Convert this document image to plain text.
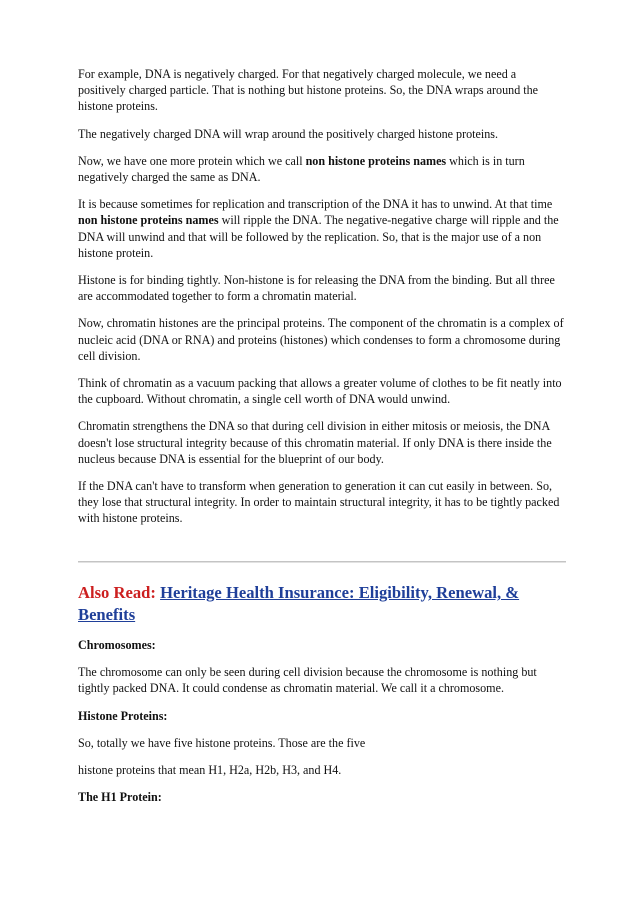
For example, DNA is negatively charged. For that negatively charged molecule, we need a positively charged particle. That is nothing but histone proteins. So, the DNA wraps around the histone proteins.

The negatively charged DNA will wrap around the positively charged histone proteins.

Now, we have one more protein which we call non histone proteins names which is in turn negatively charged the same as DNA.

It is because sometimes for replication and transcription of the DNA it has to unwind. At that time non histone proteins names will ripple the DNA. The negative-negative charge will ripple and the DNA will unwind and that will be followed by the replication. So, that is the major use of a non histone protein.

Histone is for binding tightly. Non-histone is for releasing the DNA from the binding. But all three are accommodated together to form a chromatin material.

Now, chromatin histones are the principal proteins. The component of the chromatin is a complex of nucleic acid (DNA or RNA) and proteins (histones) which condenses to form a chromosome during cell division.

Think of chromatin as a vacuum packing that allows a greater volume of clothes to be fit neatly into the cupboard. Without chromatin, a single cell worth of DNA would unwind.

Chromatin strengthens the DNA so that during cell division in either mitosis or meiosis, the DNA doesn't lose structural integrity because of this chromatin material. If only DNA is there inside the nucleus because DNA is essential for the blueprint of our body.

If the DNA can't have to transform when generation to generation it can cut easily in between. So, they lose that structural integrity. In order to maintain structural integrity, it has to be tightly packed with histone proteins.

Also Read: Heritage Health Insurance: Eligibility, Renewal, & Benefits

Chromosomes:

The chromosome can only be seen during cell division because the chromosome is nothing but tightly packed DNA. It could condense as chromatin material. We call it a chromosome.

Histone Proteins:

So, totally we have five histone proteins. Those are the five

histone proteins that mean H1, H2a, H2b, H3, and H4.

The H1 Protein:
